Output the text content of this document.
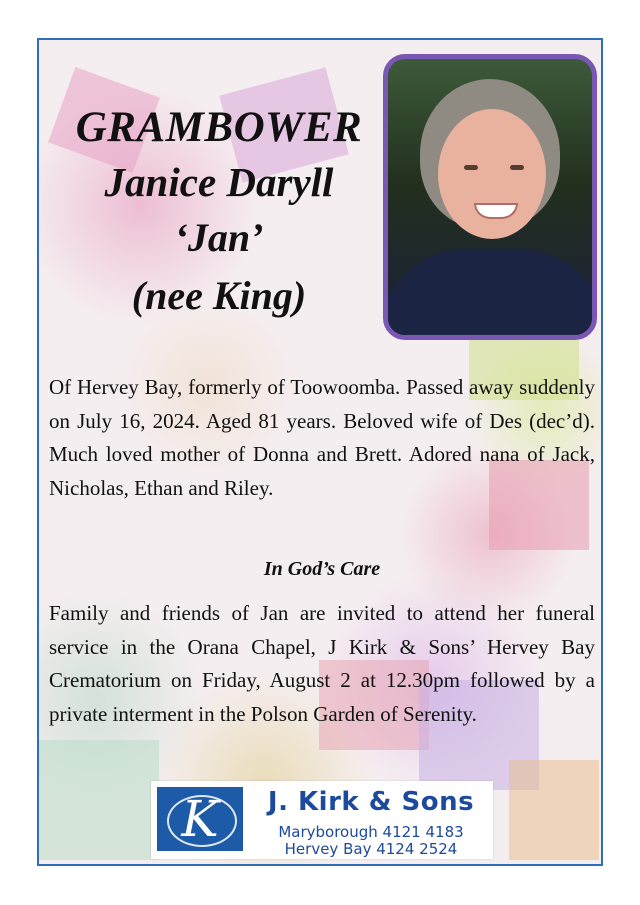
GRAMBOWER
Janice Daryll
‘Jan’
(nee King)
Of Hervey Bay, formerly of Toowoomba. Passed away suddenly on July 16, 2024. Aged 81 years. Beloved wife of Des (dec’d). Much loved mother of Donna and Brett. Adored nana of Jack, Nicholas, Ethan and Riley.
In God’s Care
Family and friends of Jan are invited to attend her funeral service in the Orana Chapel, J Kirk & Sons’ Hervey Bay Crematorium on Friday, August 2 at 12.30pm followed by a private interment in the Polson Garden of Serenity.
K	J. Kirk & Sons
Maryborough 4121 4183
Hervey Bay 4124 2524
